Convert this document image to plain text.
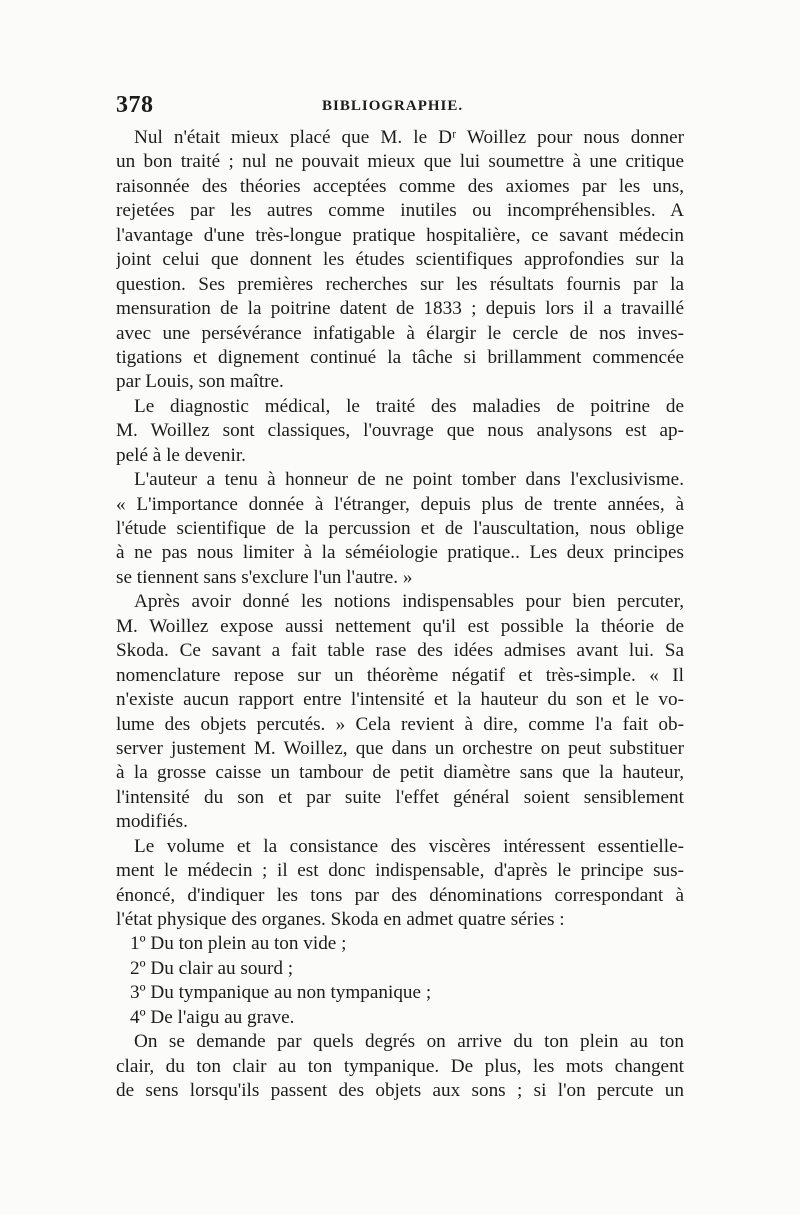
378	BIBLIOGRAPHIE.
Nul n'était mieux placé que M. le Dʳ Woillez pour nous donner
un bon traité ; nul ne pouvait mieux que lui soumettre à une critique
raisonnée des théories acceptées comme des axiomes par les uns,
rejetées par les autres comme inutiles ou incompréhensibles. A
l'avantage d'une très-longue pratique hospitalière, ce savant médecin
joint celui que donnent les études scientifiques approfondies sur la
question. Ses premières recherches sur les résultats fournis par la
mensuration de la poitrine datent de 1833 ; depuis lors il a travaillé
avec une persévérance infatigable à élargir le cercle de nos inves-
tigations et dignement continué la tâche si brillamment commencée
par Louis, son maître.
Le diagnostic médical, le traité des maladies de poitrine de
M. Woillez sont classiques, l'ouvrage que nous analysons est ap-
pelé à le devenir.
L'auteur a tenu à honneur de ne point tomber dans l'exclusivisme.
« L'importance donnée à l'étranger, depuis plus de trente années, à
l'étude scientifique de la percussion et de l'auscultation, nous oblige
à ne pas nous limiter à la séméiologie pratique.. Les deux principes
se tiennent sans s'exclure l'un l'autre. »
Après avoir donné les notions indispensables pour bien percuter,
M. Woillez expose aussi nettement qu'il est possible la théorie de
Skoda. Ce savant a fait table rase des idées admises avant lui. Sa
nomenclature repose sur un théorème négatif et très-simple. « Il
n'existe aucun rapport entre l'intensité et la hauteur du son et le vo-
lume des objets percutés. » Cela revient à dire, comme l'a fait ob-
server justement M. Woillez, que dans un orchestre on peut substituer
à la grosse caisse un tambour de petit diamètre sans que la hauteur,
l'intensité du son et par suite l'effet général soient sensiblement
modifiés.
Le volume et la consistance des viscères intéressent essentielle-
ment le médecin ; il est donc indispensable, d'après le principe sus-
énoncé, d'indiquer les tons par des dénominations correspondant à
l'état physique des organes. Skoda en admet quatre séries :
1º Du ton plein au ton vide ;
2º Du clair au sourd ;
3º Du tympanique au non tympanique ;
4º De l'aigu au grave.
On se demande par quels degrés on arrive du ton plein au ton
clair, du ton clair au ton tympanique. De plus, les mots changent
de sens lorsqu'ils passent des objets aux sons ; si l'on percute un
